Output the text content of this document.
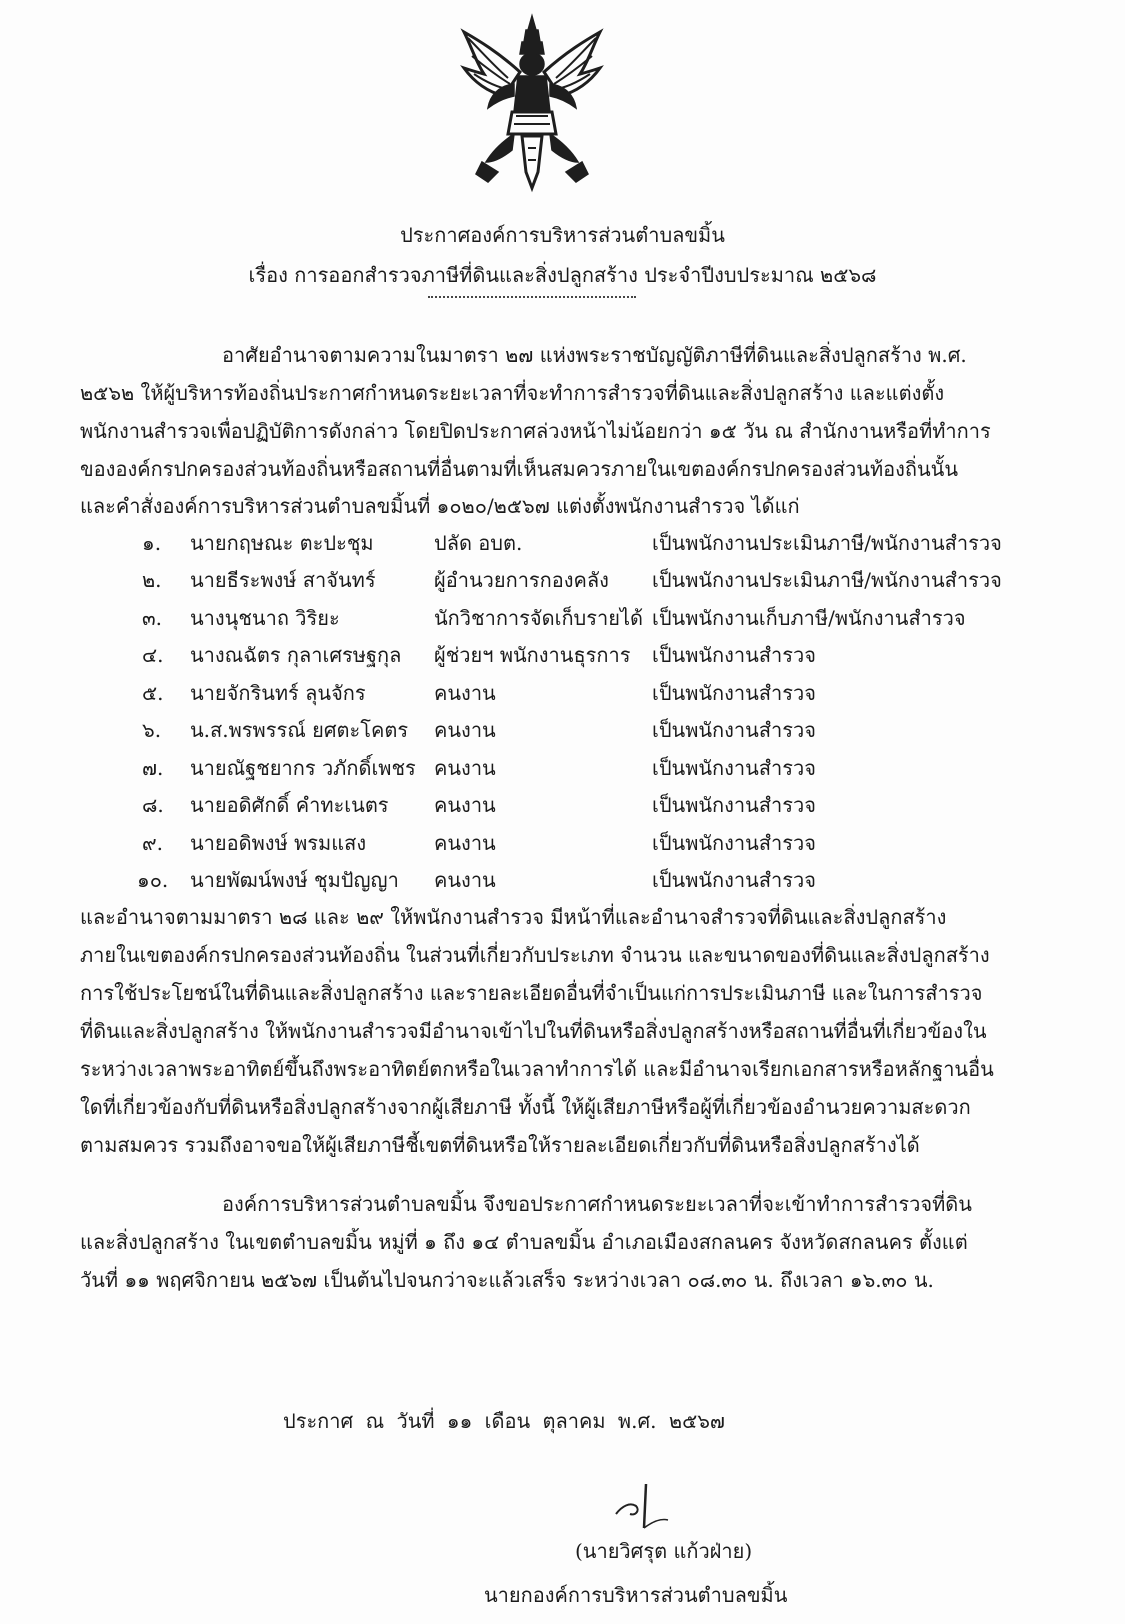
ประกาศองค์การบริหารส่วนตำบลขมิ้น
เรื่อง การออกสำรวจภาษีที่ดินและสิ่งปลูกสร้าง ประจำปีงบประมาณ ๒๕๖๘
อาศัยอำนาจตามความในมาตรา ๒๗ แห่งพระราชบัญญัติภาษีที่ดินและสิ่งปลูกสร้าง พ.ศ.
๒๕๖๒ ให้ผู้บริหารท้องถิ่นประกาศกำหนดระยะเวลาที่จะทำการสำรวจที่ดินและสิ่งปลูกสร้าง และแต่งตั้ง
พนักงานสำรวจเพื่อปฏิบัติการดังกล่าว โดยปิดประกาศล่วงหน้าไม่น้อยกว่า ๑๕ วัน ณ สำนักงานหรือที่ทำการ
ขององค์กรปกครองส่วนท้องถิ่นหรือสถานที่อื่นตามที่เห็นสมควรภายในเขตองค์กรปกครองส่วนท้องถิ่นนั้น
และคำสั่งองค์การบริหารส่วนตำบลขมิ้นที่ ๑๐๒๐/๒๕๖๗ แต่งตั้งพนักงานสำรวจ ได้แก่
๑. นายกฤษณะ ตะปะชุม	ปลัด อบต.	เป็นพนักงานประเมินภาษี/พนักงานสำรวจ
๒. นายธีระพงษ์ สาจันทร์	ผู้อำนวยการกองคลัง เป็นพนักงานประเมินภาษี/พนักงานสำรวจ
๓. นางนุชนาถ วิริยะ	นักวิชาการจัดเก็บรายได้ เป็นพนักงานเก็บภาษี/พนักงานสำรวจ
๔. นางณฉัตร กุลาเศรษฐกุล ผู้ช่วยฯ พนักงานธุรการ เป็นพนักงานสำรวจ
๕. นายจักรินทร์ ลุนจักร	คนงาน	เป็นพนักงานสำรวจ
๖. น.ส.พรพรรณ์ ยศตะโคตร คนงาน	เป็นพนักงานสำรวจ
๗. นายณัฐชยากร วภักดิ์เพชร คนงาน	เป็นพนักงานสำรวจ
๘. นายอดิศักดิ์ คำทะเนตร คนงาน	เป็นพนักงานสำรวจ
๙. นายอดิพงษ์ พรมแสง	คนงาน	เป็นพนักงานสำรวจ
๑๐. นายพัฒน์พงษ์ ชุมปัญญา คนงาน	เป็นพนักงานสำรวจ
และอำนาจตามมาตรา ๒๘ และ ๒๙ ให้พนักงานสำรวจ มีหน้าที่และอำนาจสำรวจที่ดินและสิ่งปลูกสร้าง
ภายในเขตองค์กรปกครองส่วนท้องถิ่น ในส่วนที่เกี่ยวกับประเภท จำนวน และขนาดของที่ดินและสิ่งปลูกสร้าง
การใช้ประโยชน์ในที่ดินและสิ่งปลูกสร้าง และรายละเอียดอื่นที่จำเป็นแก่การประเมินภาษี และในการสำรวจ
ที่ดินและสิ่งปลูกสร้าง ให้พนักงานสำรวจมีอำนาจเข้าไปในที่ดินหรือสิ่งปลูกสร้างหรือสถานที่อื่นที่เกี่ยวข้องใน
ระหว่างเวลาพระอาทิตย์ขึ้นถึงพระอาทิตย์ตกหรือในเวลาทำการได้ และมีอำนาจเรียกเอกสารหรือหลักฐานอื่น
ใดที่เกี่ยวข้องกับที่ดินหรือสิ่งปลูกสร้างจากผู้เสียภาษี ทั้งนี้ ให้ผู้เสียภาษีหรือผู้ที่เกี่ยวข้องอำนวยความสะดวก
ตามสมควร รวมถึงอาจขอให้ผู้เสียภาษีชี้เขตที่ดินหรือให้รายละเอียดเกี่ยวกับที่ดินหรือสิ่งปลูกสร้างได้
องค์การบริหารส่วนตำบลขมิ้น จึงขอประกาศกำหนดระยะเวลาที่จะเข้าทำการสำรวจที่ดิน
และสิ่งปลูกสร้าง ในเขตตำบลขมิ้น หมู่ที่ ๑ ถึง ๑๔ ตำบลขมิ้น อำเภอเมืองสกลนคร จังหวัดสกลนคร ตั้งแต่
วันที่ ๑๑ พฤศจิกายน ๒๕๖๗ เป็นต้นไปจนกว่าจะแล้วเสร็จ ระหว่างเวลา ๐๘.๓๐ น. ถึงเวลา ๑๖.๓๐ น.
ประกาศ ณ วันที่ ๑๑ เดือน ตุลาคม พ.ศ. ๒๕๖๗
(นายวิศรุต แก้วฝ่าย)
นายกองค์การบริหารส่วนตำบลขมิ้น
